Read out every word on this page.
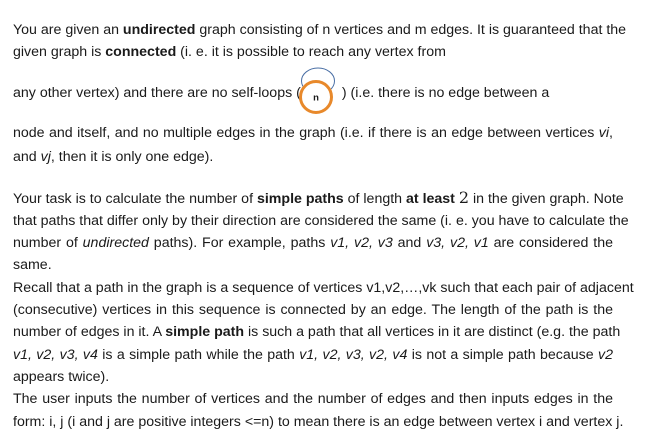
You are given an undirected graph consisting of n vertices and m edges. It is guaranteed that the
given graph is connected (i. e. it is possible to reach any vertex from
any other vertex) and there are no self-loops (	) (i.e. there is no edge between a
n
node and itself, and no multiple edges in the graph (i.e. if there is an edge between vertices vi,
and vj, then it is only one edge).
Your task is to calculate the number of simple paths of length at least 2 in the given graph. Note
that paths that differ only by their direction are considered the same (i. e. you have to calculate the
number of undirected paths). For example, paths v1, v2, v3 and v3, v2, v1 are considered the
same.
Recall that a path in the graph is a sequence of vertices v1,v2,…,vk such that each pair of adjacent
(consecutive) vertices in this sequence is connected by an edge. The length of the path is the
number of edges in it. A simple path is such a path that all vertices in it are distinct (e.g. the path
v1, v2, v3, v4 is a simple path while the path v1, v2, v3, v2, v4 is not a simple path because v2
appears twice).
The user inputs the number of vertices and the number of edges and then inputs edges in the
form: i, j (i and j are positive integers <=n) to mean there is an edge between vertex i and vertex j.
